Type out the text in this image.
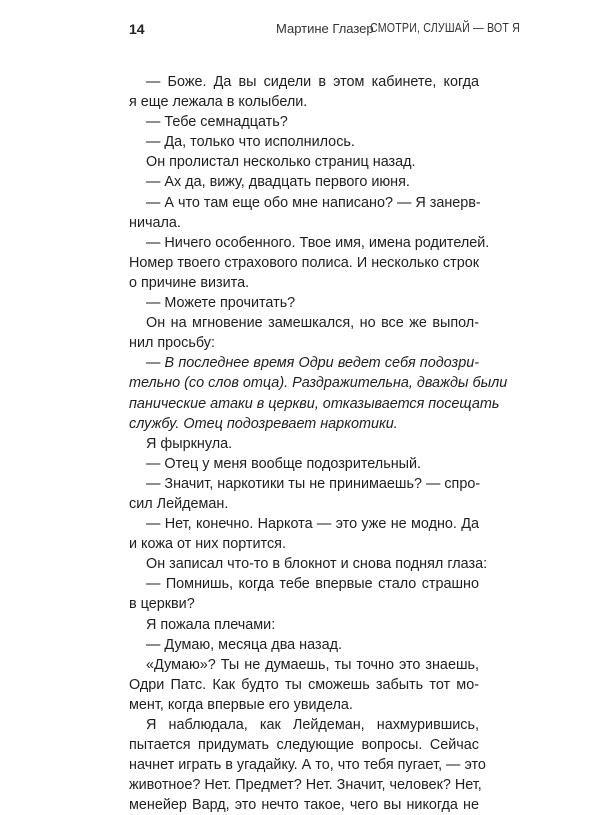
14	Мартине Глазер
СМОТРИ, СЛУШАЙ — ВОТ Я
— Боже. Да вы сидели в этом кабинете, когда
я еще лежала в колыбели.
— Тебе семнадцать?
— Да, только что исполнилось.
Он пролистал несколько страниц назад.
— Ах да, вижу, двадцать первого июня.
— А что там еще обо мне написано? — Я занерв-
ничала.
— Ничего особенного. Твое имя, имена родителей.
Номер твоего страхового полиса. И несколько строк
о причине визита.
— Можете прочитать?
Он на мгновение замешкался, но все же выпол-
нил просьбу:
— В последнее время Одри ведет себя подозри-
тельно (со слов отца). Раздражительна, дважды были
панические атаки в церкви, отказывается посещать
службу. Отец подозревает наркотики.
Я фыркнула.
— Отец у меня вообще подозрительный.
— Значит, наркотики ты не принимаешь? — спро-
сил Лейдеман.
— Нет, конечно. Наркота — это уже не модно. Да
и кожа от них портится.
Он записал что-то в блокнот и снова поднял глаза:
— Помнишь, когда тебе впервые стало страшно
в церкви?
Я пожала плечами:
— Думаю, месяца два назад.
«Думаю»? Ты не думаешь, ты точно это знаешь,
Одри Патс. Как будто ты сможешь забыть тот мо-
мент, когда впервые его увидела.
Я наблюдала, как Лейдеман, нахмурившись,
пытается придумать следующие вопросы. Сейчас
начнет играть в угадайку. А то, что тебя пугает, — это
животное? Нет. Предмет? Нет. Значит, человек? Нет,
менейер Вард, это нечто такое, чего вы никогда не
